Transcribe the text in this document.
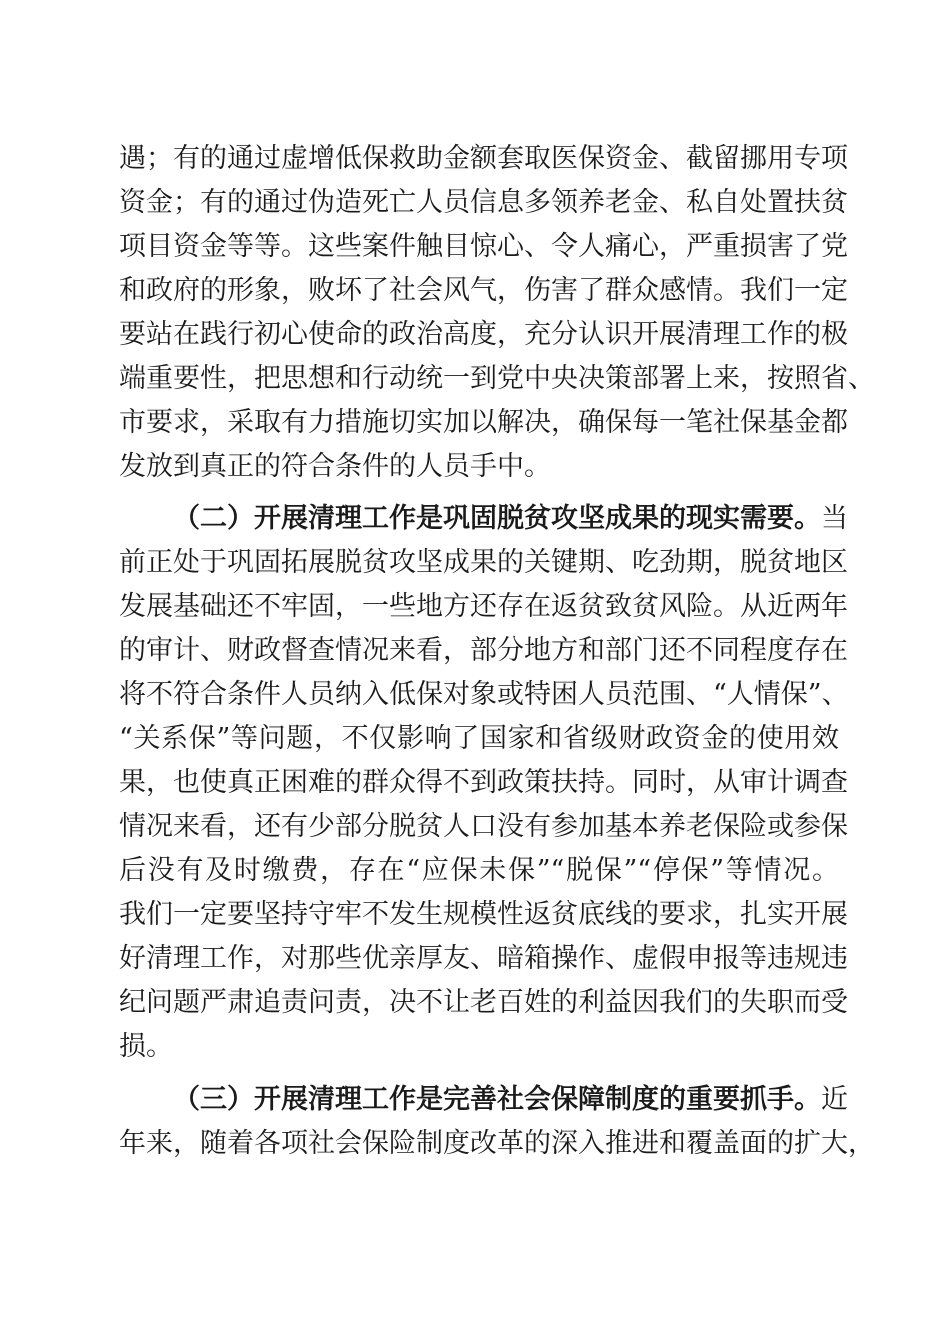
遇；有的通过虚增低保救助金额套取医保资金、截留挪用专项
资金；有的通过伪造死亡人员信息多领养老金、私自处置扶贫
项目资金等等。这些案件触目惊心、令人痛心，严重损害了党
和政府的形象，败坏了社会风气，伤害了群众感情。我们一定
要站在践行初心使命的政治高度，充分认识开展清理工作的极
端重要性，把思想和行动统一到党中央决策部署上来，按照省、
市要求，采取有力措施切实加以解决，确保每一笔社保基金都
发放到真正的符合条件的人员手中。
（二）开展清理工作是巩固脱贫攻坚成果的现实需要。当
前正处于巩固拓展脱贫攻坚成果的关键期、吃劲期，脱贫地区
发展基础还不牢固，一些地方还存在返贫致贫风险。从近两年
的审计、财政督查情况来看，部分地方和部门还不同程度存在
将不符合条件人员纳入低保对象或特困人员范围、“人情保”、
“关系保”等问题，不仅影响了国家和省级财政资金的使用效
果，也使真正困难的群众得不到政策扶持。同时，从审计调查
情况来看，还有少部分脱贫人口没有参加基本养老保险或参保
后没有及时缴费，存在“应保未保”“脱保”“停保”等情况。
我们一定要坚持守牢不发生规模性返贫底线的要求，扎实开展
好清理工作，对那些优亲厚友、暗箱操作、虚假申报等违规违
纪问题严肃追责问责，决不让老百姓的利益因我们的失职而受
损。
（三）开展清理工作是完善社会保障制度的重要抓手。近
年来，随着各项社会保险制度改革的深入推进和覆盖面的扩大，
